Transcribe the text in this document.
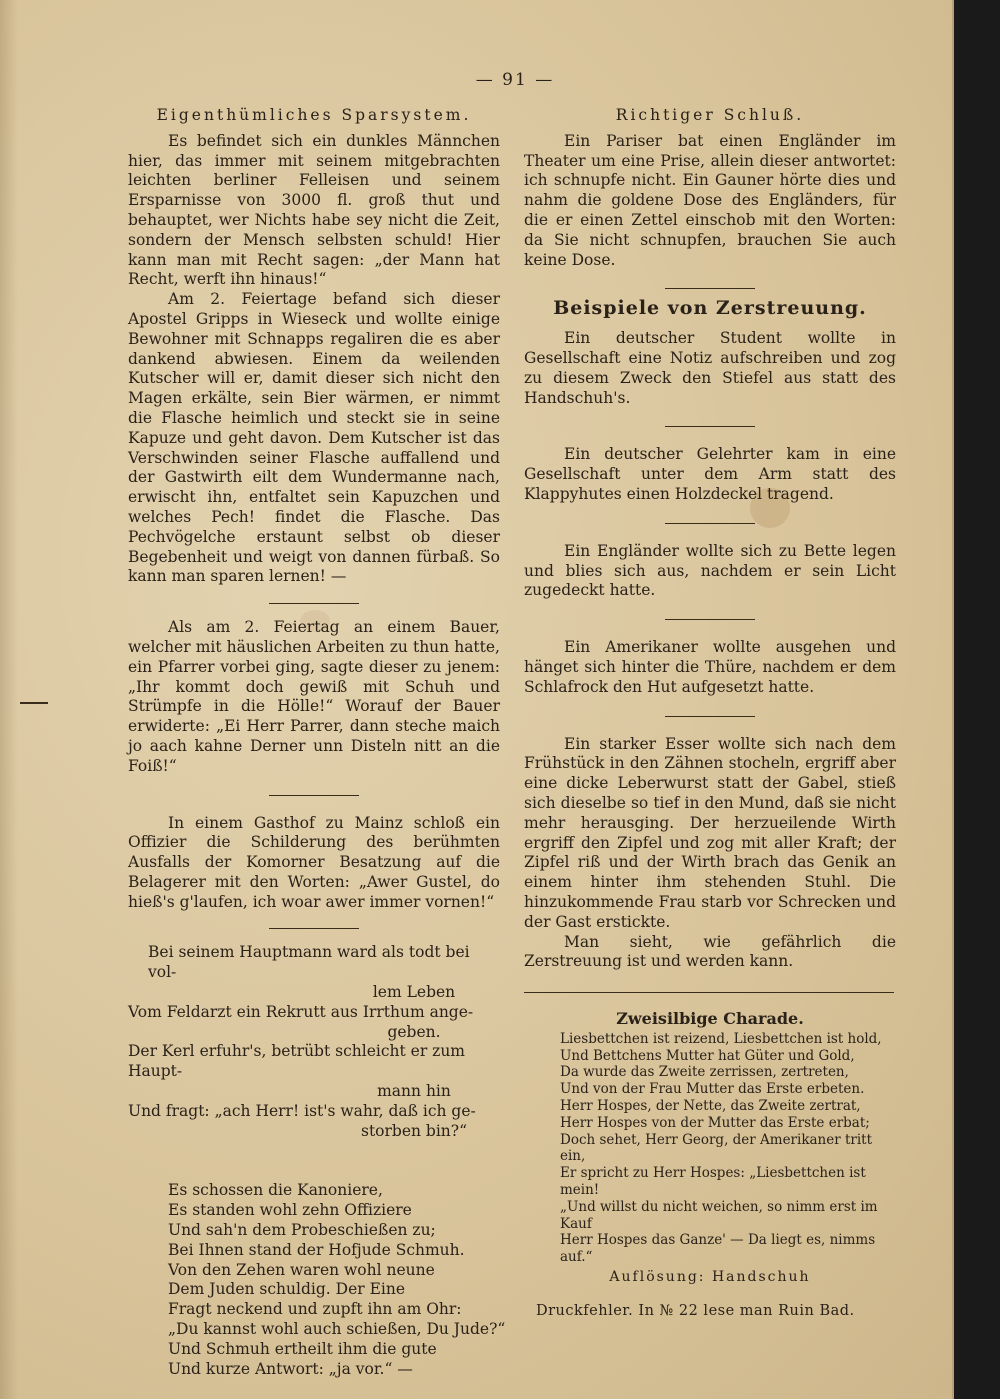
— 91 —
Eigenthümliches Sparsystem.

Es befindet sich ein dunkles Männchen hier, das immer mit seinem mitgebrachten leichten berliner Felleisen und seinem Ersparnisse von 3000 fl. groß thut und behauptet, wer Nichts habe sey nicht die Zeit, sondern der Mensch selbsten schuld! Hier kann man mit Recht sagen: „der Mann hat Recht, werft ihn hinaus!“

Am 2. Feiertage befand sich dieser Apostel Gripps in Wieseck und wollte einige Bewohner mit Schnapps regaliren die es aber dankend abwiesen. Einem da weilenden Kutscher will er, damit dieser sich nicht den Magen erkälte, sein Bier wärmen, er nimmt die Flasche heimlich und steckt sie in seine Kapuze und geht davon. Dem Kutscher ist das Verschwinden seiner Flasche auffallend und der Gastwirth eilt dem Wundermanne nach, erwischt ihn, entfaltet sein Kapuzchen und welches Pech! findet die Flasche. Das Pechvögelche erstaunt selbst ob dieser Begebenheit und weigt von dannen fürbaß. So kann man sparen lernen! —

Als am 2. Feiertag an einem Bauer, welcher mit häuslichen Arbeiten zu thun hatte, ein Pfarrer vorbei ging, sagte dieser zu jenem: „Ihr kommt doch gewiß mit Schuh und Strümpfe in die Hölle!“ Worauf der Bauer erwiderte: „Ei Herr Parrer, dann steche maich jo aach kahne Derner unn Disteln nitt an die Foiß!“

In einem Gasthof zu Mainz schloß ein Offizier die Schilderung des berühmten Ausfalls der Komorner Besatzung auf die Belagerer mit den Worten: „Awer Gustel, do hieß's g'laufen, ich woar awer immer vornen!“

Bei seinem Hauptmann ward als todt bei vol-
lem Leben
Vom Feldarzt ein Rekrutt aus Irrthum ange-
geben.
Der Kerl erfuhr's, betrübt schleicht er zum Haupt-
mann hin
Und fragt: „ach Herr! ist's wahr, daß ich ge-
storben bin?“
Es schossen die Kanoniere,
Es standen wohl zehn Offiziere
Und sah'n dem Probeschießen zu;
Bei Ihnen stand der Hofjude Schmuh.
Von den Zehen waren wohl neune
Dem Juden schuldig. Der Eine
Fragt neckend und zupft ihn am Ohr:
„Du kannst wohl auch schießen, Du Jude?“
Und Schmuh ertheilt ihm die gute
Und kurze Antwort: „ja vor.“ —
Richtiger Schluß.

Ein Pariser bat einen Engländer im Theater um eine Prise, allein dieser antwortet: ich schnupfe nicht. Ein Gauner hörte dies und nahm die goldene Dose des Engländers, für die er einen Zettel einschob mit den Worten: da Sie nicht schnupfen, brauchen Sie auch keine Dose.

Beispiele von Zerstreuung.

Ein deutscher Student wollte in Gesellschaft eine Notiz aufschreiben und zog zu diesem Zweck den Stiefel aus statt des Handschuh's.

Ein deutscher Gelehrter kam in eine Gesellschaft unter dem Arm statt des Klappyhutes einen Holzdeckel tragend.

Ein Engländer wollte sich zu Bette legen und blies sich aus, nachdem er sein Licht zugedeckt hatte.

Ein Amerikaner wollte ausgehen und hänget sich hinter die Thüre, nachdem er dem Schlafrock den Hut aufgesetzt hatte.

Ein starker Esser wollte sich nach dem Frühstück in den Zähnen stocheln, ergriff aber eine dicke Leberwurst statt der Gabel, stieß sich dieselbe so tief in den Mund, daß sie nicht mehr herausging. Der herzueilende Wirth ergriff den Zipfel und zog mit aller Kraft; der Zipfel riß und der Wirth brach das Genik an einem hinter ihm stehenden Stuhl. Die hinzukommende Frau starb vor Schrecken und der Gast erstickte.

Man sieht, wie gefährlich die Zerstreuung ist und werden kann.

Zweisilbige Charade.
Liesbettchen ist reizend, Liesbettchen ist hold,
Und Bettchens Mutter hat Güter und Gold,
Da wurde das Zweite zerrissen, zertreten,
Und von der Frau Mutter das Erste erbeten.
Herr Hospes, der Nette, das Zweite zertrat,
Herr Hospes von der Mutter das Erste erbat;
Doch sehet, Herr Georg, der Amerikaner tritt ein,
Er spricht zu Herr Hospes: „Liesbettchen ist mein!
„Und willst du nicht weichen, so nimm erst im Kauf
Herr Hospes das Ganze' — Da liegt es, nimms auf.“
Auflösung: Handschuh
Druckfehler. In № 22 lese man Ruin Bad.
